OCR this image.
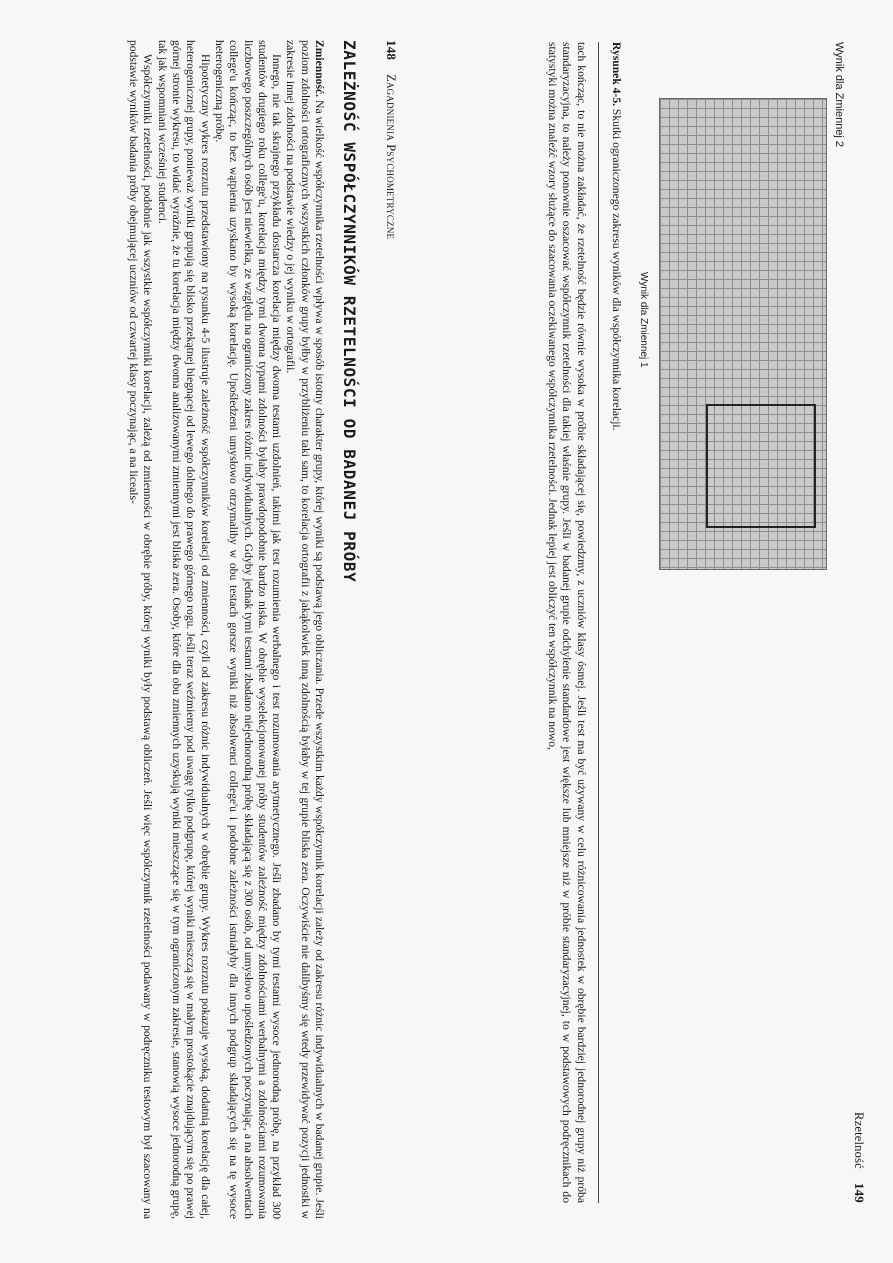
148
Zagadnienia Psychometryczne
ZALEŻNOŚĆ WSPÓŁCZYNNIKÓW RZETELNOŚCI OD BADANEJ PRÓBY

Zmienność. Na wielkość współczynnika rzetelności wpływa w sposób istotny charakter grupy, której wyniki są podstawą jego obliczania. Przede wszystkim każdy współczynnik korelacji zależy od zakresu różnic indywidualnych w badanej grupie. Jeśli poziom zdolności ortograficznych wszystkich członków grupy byłby w przybliżeniu taki sam, to korelacja ortografii z jakąkolwiek inną zdolnością byłaby w tej grupie bliska zera. Oczywiście nie dalibyśmy się wtedy przewidywać pozycji jednostki w zakresie innej zdolności na podstawie wiedzy o jej wyniku w ortografii.

Innego, nie tak skrajnego przykładu dostarcza korelacja między dwoma testami uzdolnień, takimi jak test rozumienia werbalnego i test rozumowania arytmetycznego. Jeśli zbadano by tymi testami wysoce jednorodną próbę, na przykład 300 studentów drugiego roku college'u, korelacja między tymi dwoma typami zdolności byłaby prawdopodobnie bardzo niska. W obrębie wyselekcjonowanej próby studentów zależność między zdolnościami werbalnymi a zdolnościami rozumowania liczbowego poszczególnych osób jest niewielka, ze względu na ograniczony zakres różnic indywidualnych. Gdyby jednak tymi testami zbadano niejednorodną próbę składającą się z 300 osób, od umysłowo upośledzonych poczynając, a na absolwentach college'u kończąc, to bez wątpienia uzyskano by wysoką korelację. Upośledzeni umysłowo otrzymaliby w obu testach gorsze wyniki niż absolwenci college'u i podobne zależności istniałyby dla innych podgrup składających się na tę wysoce heterogeniczną próbę.

Hipotetyczny wykres rozrzutu przedstawiony na rysunku 4-5 ilustruje zależność współczynników korelacji od zmienności, czyli od zakresu różnic indywidualnych w obrębie grupy. Wykres rozrzutu pokazuje wysoką, dodatnią korelację dla całej, heterogenicznej grupy, ponieważ wyniki grupują się blisko przekątnej biegnącej od lewego dolnego do prawego górnego rogu. Jeśli teraz weźmiemy pod uwagę tylko podgrupę, której wyniki mieszczą się w małym prostokącie znajdującym się po prawej górnej stronie wykresu, to widać wyraźnie, że tu korelacja między dwoma analizowanymi zmiennymi jest bliska zera. Osoby, które dla obu zmiennych uzyskują wyniki mieszczące się w tym ograniczonym zakresie, stanowią wysoce jednorodną grupę, tak jak wspomniani wcześniej studenci.

Współczynniki rzetelności, podobnie jak wszystkie współczynniki korelacji, zależą od zmienności w obrębie próby, której wyniki były podstawą obliczeń. Jeśli więc współczynnik rzetelności podawany w podręczniku testowym był szacowany na podstawie wyników badania próby obejmującej uczniów od czwartej klasy poczynając, a na liceals-

Rzetelność
149
Wynik dla Zmiennej 2
Wynik dla Zmiennej 1
Rysunek 4-5. Skutki ograniczonego zakresu wyników dla współczynnika korelacji.

tach kończąc, to nie można zakładać, że rzetelność będzie równie wysoka w próbie składającej się, powiedzmy, z uczniów klasy ósmej. Jeśli test ma być używany w celu różnicowania jednostek w obrębie bardziej jednorodnej grupy niż próba standaryzacyjna, to należy ponownie oszacować współczynnik rzetelności dla takiej właśnie grupy. Jeśli w badanej grupie odchylenie standardowe jest większe lub mniejsze niż w próbie standaryzacyjnej, to w podstawowych podręcznikach do statystyki można znaleźć wzory służące do szacowania oczekiwanego współczynnika rzetelności. Jednak lepiej jest obliczyć ten współczynnik na nowo,
